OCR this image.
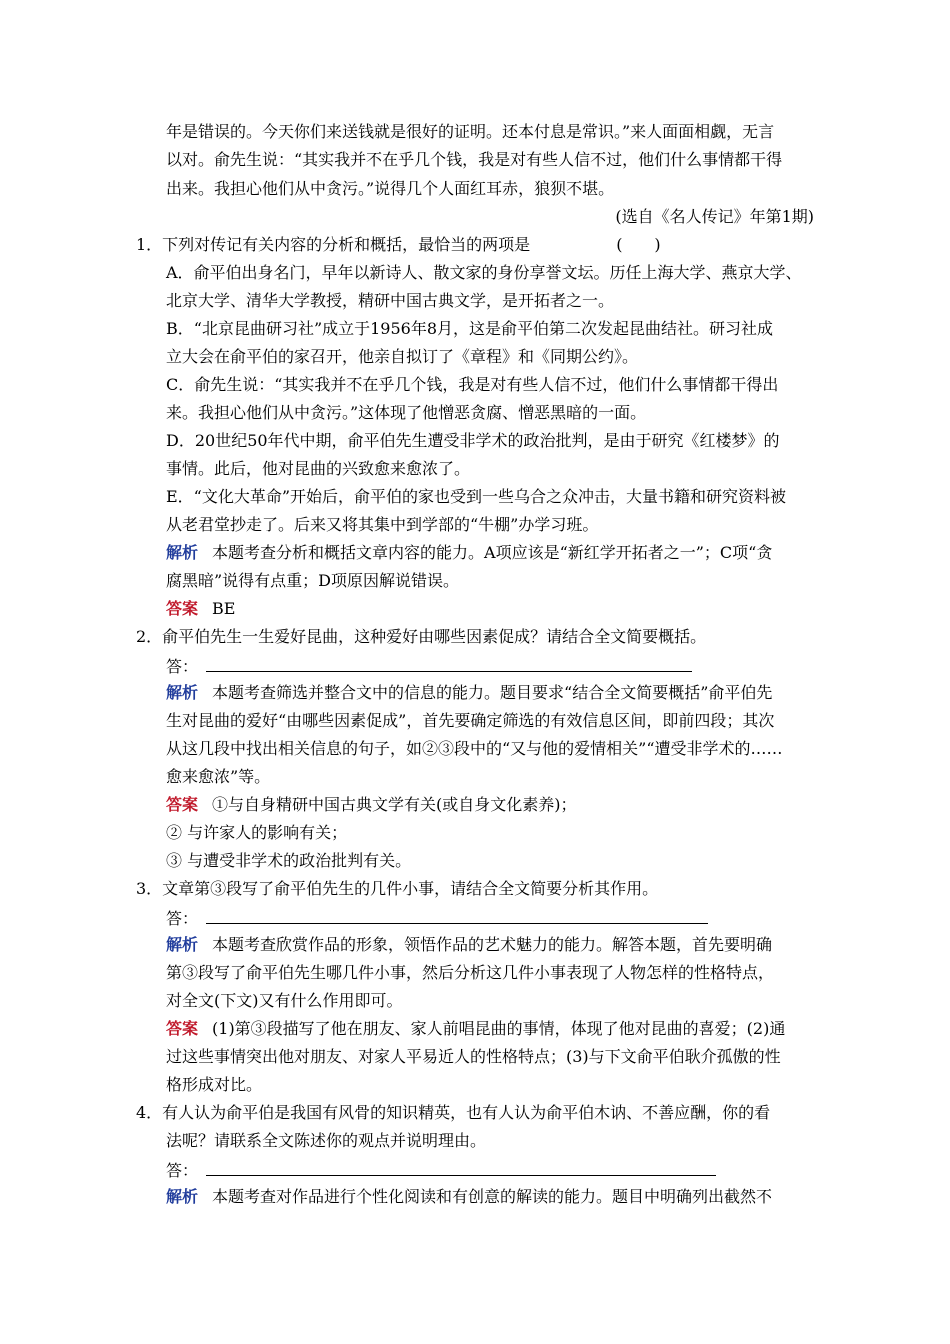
年是错误的。今天你们来送钱就是很好的证明。还本付息是常识。”来人面面相觑，无言
以对。俞先生说：“其实我并不在乎几个钱，我是对有些人信不过，他们什么事情都干得
出来。我担心他们从中贪污。”说得几个人面红耳赤，狼狈不堪。
(选自《名人传记》年第1期)
1．下列对传记有关内容的分析和概括，最恰当的两项是	(　　)
A．俞平伯出身名门，早年以新诗人、散文家的身份享誉文坛。历任上海大学、燕京大学、
北京大学、清华大学教授，精研中国古典文学，是开拓者之一。
B．“北京昆曲研习社”成立于1956年8月，这是俞平伯第二次发起昆曲结社。研习社成
立大会在俞平伯的家召开，他亲自拟订了《章程》和《同期公约》。
C．俞先生说：“其实我并不在乎几个钱，我是对有些人信不过，他们什么事情都干得出
来。我担心他们从中贪污。”这体现了他憎恶贪腐、憎恶黑暗的一面。
D．20世纪50年代中期，俞平伯先生遭受非学术的政治批判，是由于研究《红楼梦》的
事情。此后，他对昆曲的兴致愈来愈浓了。
E．“文化大革命”开始后，俞平伯的家也受到一些乌合之众冲击，大量书籍和研究资料被
从老君堂抄走了。后来又将其集中到学部的“牛棚”办学习班。
解析 本题考查分析和概括文章内容的能力。A项应该是“新红学开拓者之一”；C项“贪
腐黑暗”说得有点重；D项原因解说错误。
答案 BE
2．俞平伯先生一生爱好昆曲，这种爱好由哪些因素促成？请结合全文简要概括。
答：
解析 本题考查筛选并整合文中的信息的能力。题目要求“结合全文简要概括”俞平伯先
生对昆曲的爱好“由哪些因素促成”，首先要确定筛选的有效信息区间，即前四段；其次
从这几段中找出相关信息的句子，如②③段中的“又与他的爱情相关”“遭受非学术的……
愈来愈浓”等。
答案 ①与自身精研中国古典文学有关(或自身文化素养)；
② 与许家人的影响有关；
③ 与遭受非学术的政治批判有关。
3．文章第③段写了俞平伯先生的几件小事，请结合全文简要分析其作用。
答：
解析 本题考查欣赏作品的形象，领悟作品的艺术魅力的能力。解答本题，首先要明确
第③段写了俞平伯先生哪几件小事，然后分析这几件小事表现了人物怎样的性格特点，
对全文(下文)又有什么作用即可。
答案 (1)第③段描写了他在朋友、家人前唱昆曲的事情，体现了他对昆曲的喜爱；(2)通
过这些事情突出他对朋友、对家人平易近人的性格特点；(3)与下文俞平伯耿介孤傲的性
格形成对比。
4．有人认为俞平伯是我国有风骨的知识精英，也有人认为俞平伯木讷、不善应酬，你的看
法呢？请联系全文陈述你的观点并说明理由。
答：
解析 本题考查对作品进行个性化阅读和有创意的解读的能力。题目中明确列出截然不
